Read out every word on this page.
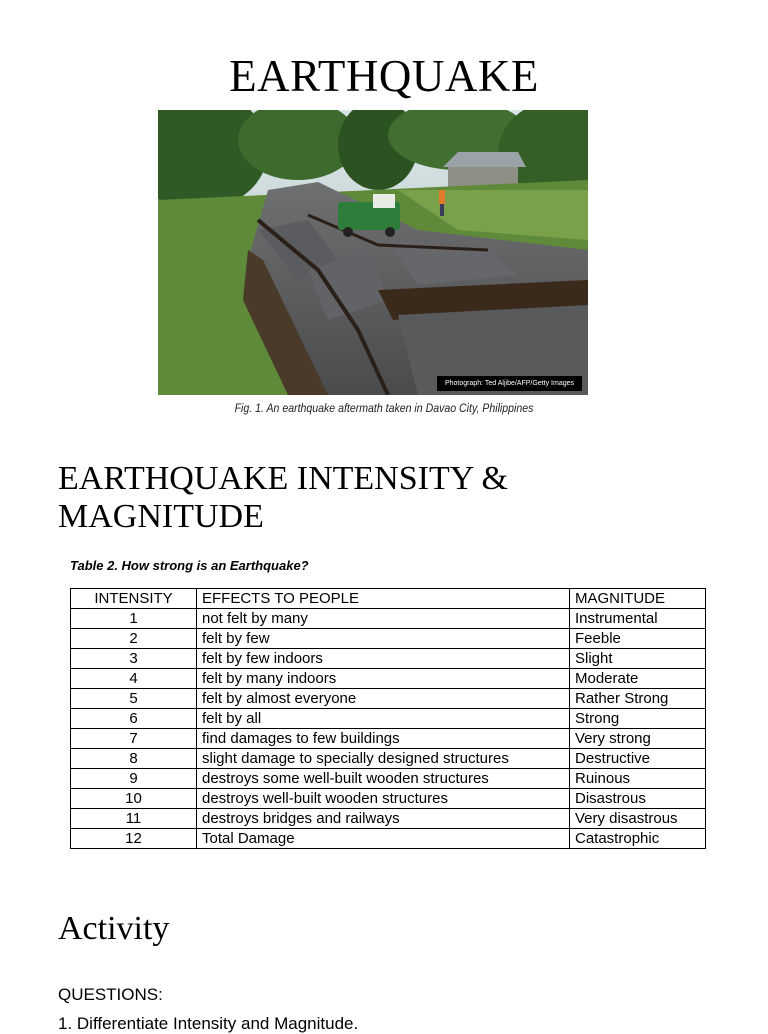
EARTHQUAKE
Photograph: Ted Aljibe/AFP/Getty Images
Fig. 1. An earthquake aftermath taken in Davao City, Philippines
EARTHQUAKE INTENSITY & MAGNITUDE
Table 2. How strong is an Earthquake?
INTENSITY	EFFECTS TO PEOPLE	MAGNITUDE
1	not felt by many	Instrumental
2	felt by few	Feeble
3	felt by few indoors	Slight
4	felt by many indoors	Moderate
5	felt by almost everyone	Rather Strong
6	felt by all	Strong
7	find damages to few buildings	Very strong
8	slight damage to specially designed structures	Destructive
9	destroys some well-built wooden structures	Ruinous
10	destroys well-built wooden structures	Disastrous
11	destroys bridges and railways	Very disastrous
12	Total Damage	Catastrophic
Activity
QUESTIONS:
1. Differentiate Intensity and Magnitude.
